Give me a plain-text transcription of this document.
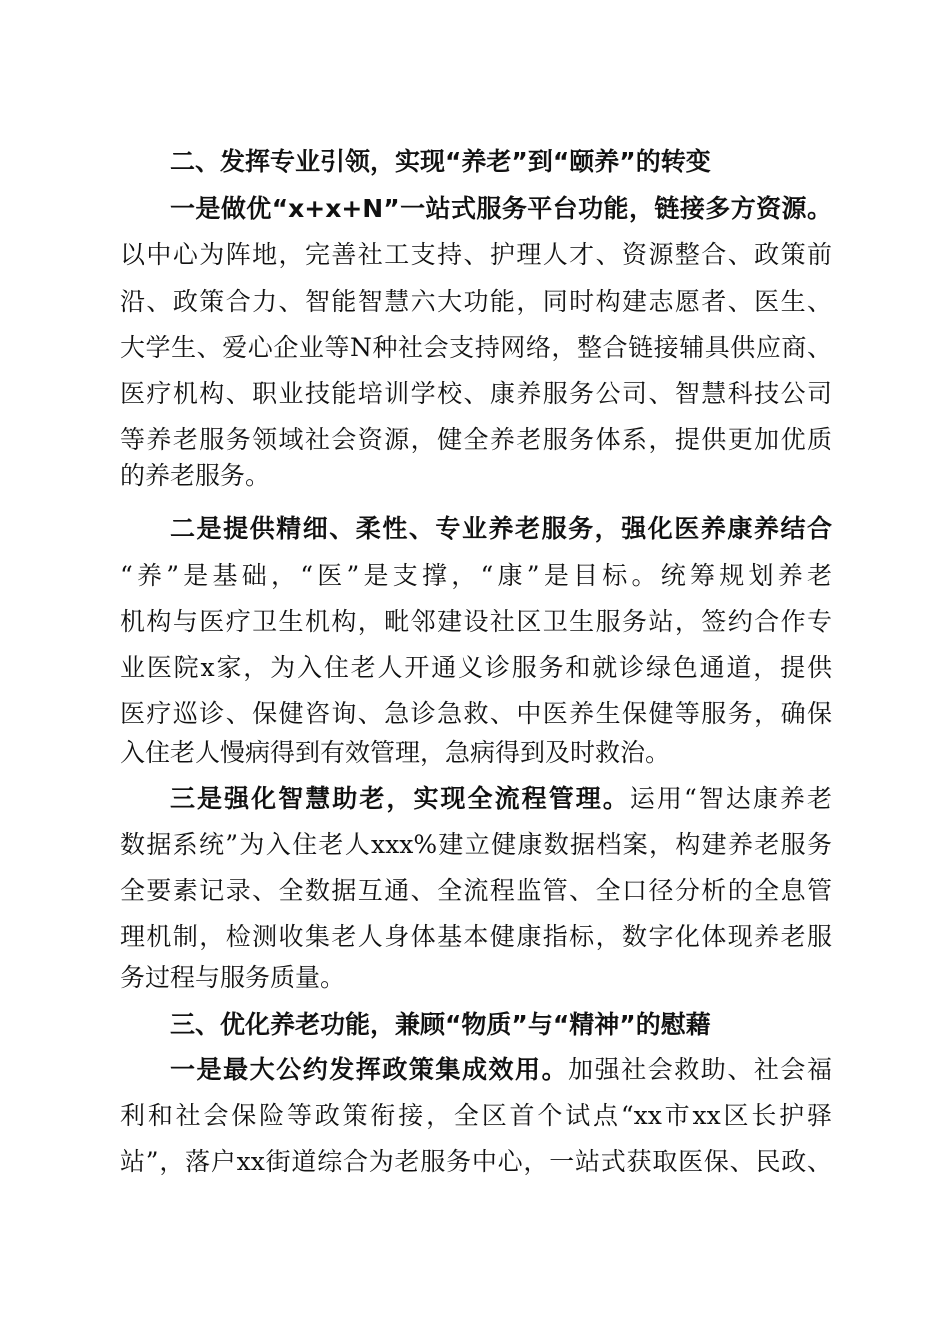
二、发挥专业引领，实现“养老”到“颐养”的转变
一是做优“x+x+N”一站式服务平台功能，链接多方资源。
以中心为阵地，完善社工支持、护理人才、资源整合、政策前
沿、政策合力、智能智慧六大功能，同时构建志愿者、医生、
大学生、爱心企业等N种社会支持网络，整合链接辅具供应商、
医疗机构、职业技能培训学校、康养服务公司、智慧科技公司
等养老服务领域社会资源，健全养老服务体系，提供更加优质
的养老服务。
二是提供精细、柔性、专业养老服务，强化医养康养结合
“养”是基础，“医”是支撑，“康”是目标。统筹规划养老
机构与医疗卫生机构，毗邻建设社区卫生服务站，签约合作专
业医院x家，为入住老人开通义诊服务和就诊绿色通道，提供
医疗巡诊、保健咨询、急诊急救、中医养生保健等服务，确保
入住老人慢病得到有效管理，急病得到及时救治。
三是强化智慧助老，实现全流程管理。运用“智达康养老
数据系统”为入住老人xxx%建立健康数据档案，构建养老服务
全要素记录、全数据互通、全流程监管、全口径分析的全息管
理机制，检测收集老人身体基本健康指标，数字化体现养老服
务过程与服务质量。
三、优化养老功能，兼顾“物质”与“精神”的慰藉
一是最大公约发挥政策集成效用。加强社会救助、社会福
利和社会保险等政策衔接，全区首个试点“xx市xx区长护驿
站”，落户xx街道综合为老服务中心，一站式获取医保、民政、
